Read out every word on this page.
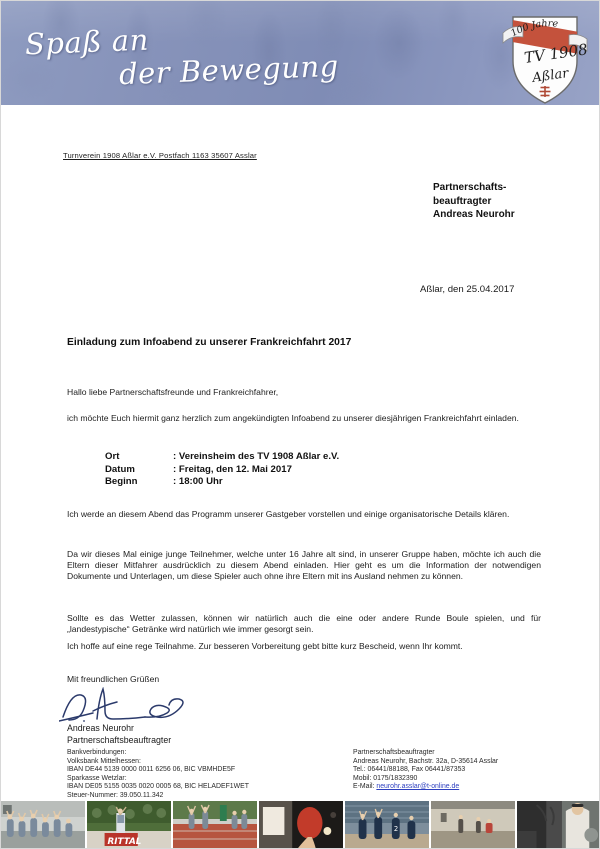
Spaß an
der Bewegung
100 Jahre
TV 1908
Aßlar
Turnverein 1908 Aßlar e.V. Postfach 1163 35607 Asslar
Partnerschafts-
beauftragter
Andreas Neurohr
Aßlar, den 25.04.2017
Einladung zum Infoabend zu unserer Frankreichfahrt 2017

Hallo liebe Partnerschaftsfreunde und Frankreichfahrer,

ich möchte Euch hiermit ganz herzlich zum angekündigten Infoabend zu unserer diesjährigen Frankreichfahrt einladen.

Ort	: Vereinsheim des TV 1908 Aßlar e.V.
Datum	: Freitag, den 12. Mai 2017
Beginn	: 18:00 Uhr

Ich werde an diesem Abend das Programm unserer Gastgeber vorstellen und einige organisatorische Details klären.

Da wir dieses Mal einige junge Teilnehmer, welche unter 16 Jahre alt sind, in unserer Gruppe haben, möchte ich auch die Eltern dieser Mitfahrer ausdrücklich zu diesem Abend einladen. Hier geht es um die Information der notwendigen Dokumente und Unterlagen, um diese Spieler auch ohne ihre Eltern mit ins Ausland nehmen zu können.

Sollte es das Wetter zulassen, können wir natürlich auch die eine oder andere Runde Boule spielen, und für „landestypische“ Getränke wird natürlich wie immer gesorgt sein.

Ich hoffe auf eine rege Teilnahme. Zur besseren Vorbereitung gebt bitte kurz Bescheid, wenn Ihr kommt.

Mit freundlichen Grüßen

Andreas Neurohr
Partnerschaftsbeauftragter
Bankverbindungen:
Volksbank Mittelhessen:
IBAN DE44 5139 0000 0011 6256 06, BIC VBMHDE5F
Sparkasse Wetzlar:
IBAN DE05 5155 0035 0020 0005 68, BIC HELADEF1WET
Steuer-Nummer: 39.050.11.342
Partnerschaftsbeauftragter
Andreas Neurohr, Bachstr. 32a, D-35614 Asslar
Tel.: 06441/88188, Fax 06441/87353
Mobil: 0175/1832390
E-Mail: neurohr.asslar@t-online.de
RITTAL
2
